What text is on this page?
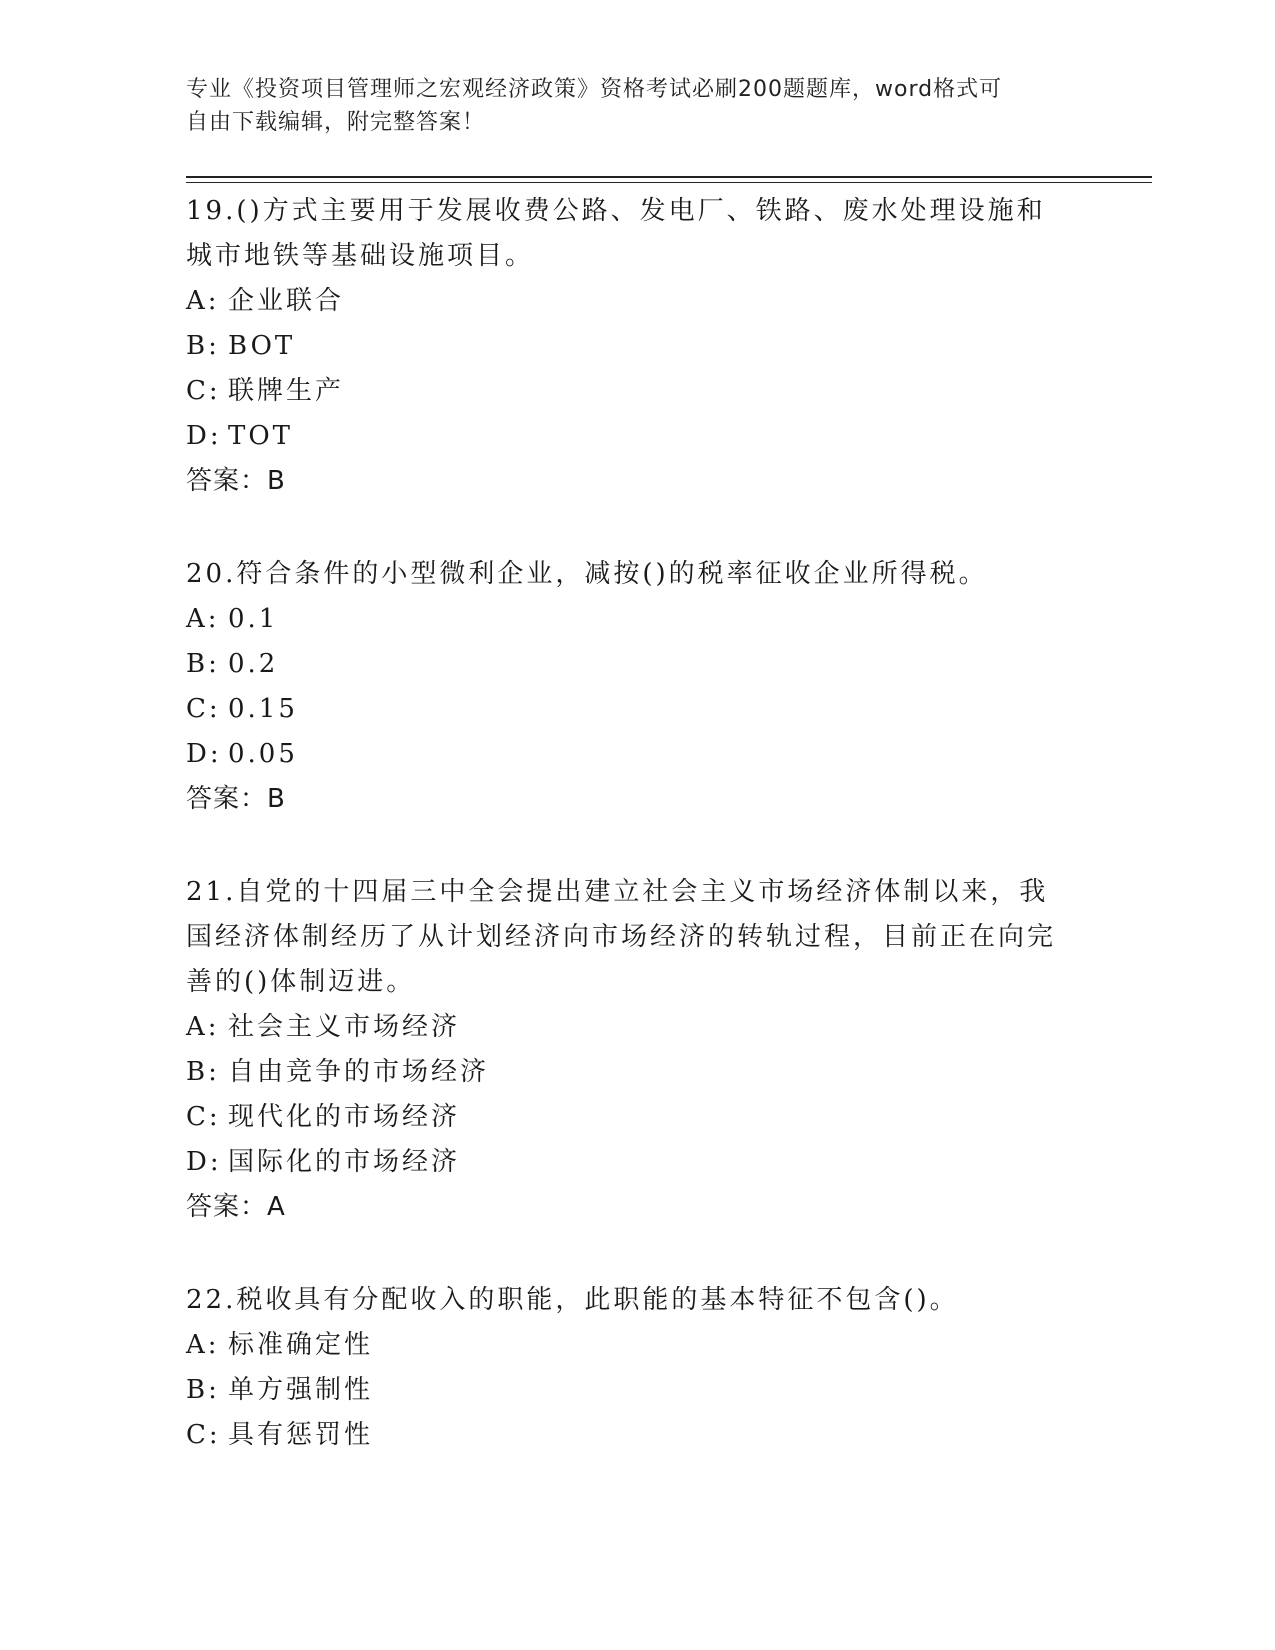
专业《投资项目管理师之宏观经济政策》资格考试必刷200题题库，word格式可
自由下载编辑，附完整答案！
19.()方式主要用于发展收费公路、发电厂、铁路、废水处理设施和城市地铁等基础设施项目。
A: 企业联合
B: BOT
C: 联牌生产
D: TOT
答案：B
20.符合条件的小型微利企业，减按()的税率征收企业所得税。
A: 0.1
B: 0.2
C: 0.15
D: 0.05
答案：B
21.自党的十四届三中全会提出建立社会主义市场经济体制以来，我国经济体制经历了从计划经济向市场经济的转轨过程，目前正在向完善的()体制迈进。
A: 社会主义市场经济
B: 自由竞争的市场经济
C: 现代化的市场经济
D: 国际化的市场经济
答案：A
22.税收具有分配收入的职能，此职能的基本特征不包含()。
A: 标准确定性
B: 单方强制性
C: 具有惩罚性
